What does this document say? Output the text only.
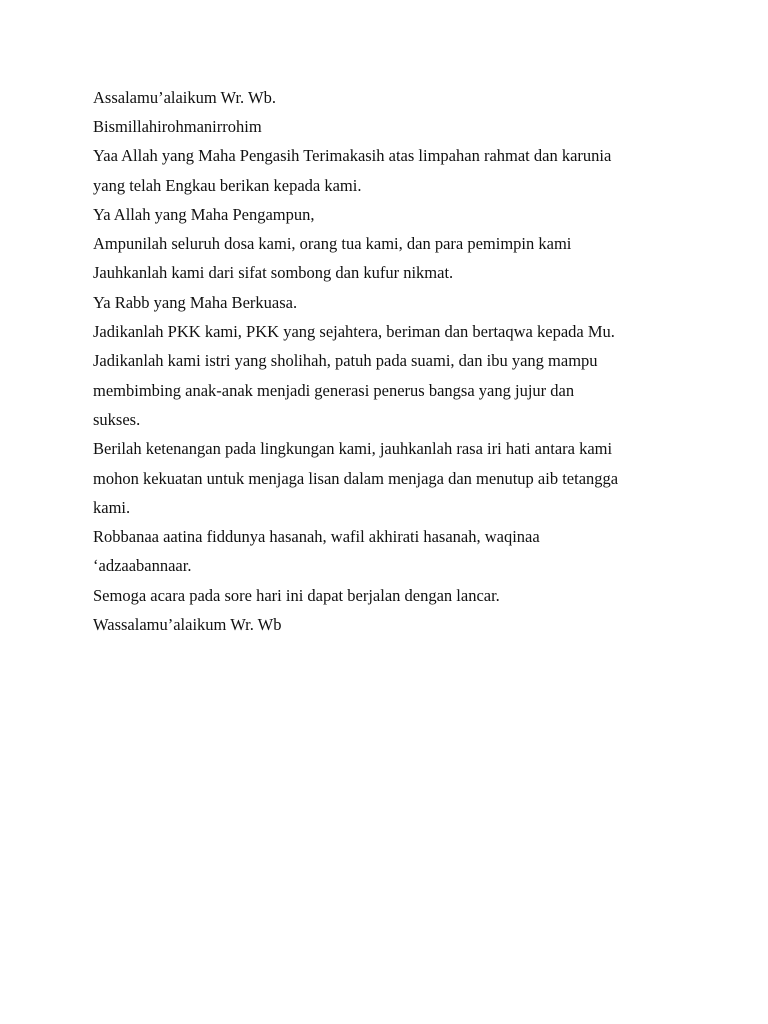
Assalamu’alaikum Wr. Wb.

Bismillahirohmanirrohim

Yaa Allah yang Maha Pengasih Terimakasih atas limpahan rahmat dan karunia

yang telah Engkau berikan kepada kami.

Ya Allah yang Maha Pengampun,

Ampunilah seluruh dosa kami, orang tua kami, dan para pemimpin kami

Jauhkanlah kami dari sifat sombong dan kufur nikmat.

Ya Rabb yang Maha Berkuasa.

Jadikanlah PKK kami, PKK yang sejahtera, beriman dan bertaqwa kepada Mu.

Jadikanlah kami istri yang sholihah, patuh pada suami, dan ibu yang mampu

membimbing anak-anak menjadi generasi penerus bangsa yang jujur dan

sukses.

Berilah ketenangan pada lingkungan kami, jauhkanlah rasa iri hati antara kami

mohon kekuatan untuk menjaga lisan dalam menjaga dan menutup aib tetangga

kami.

Robbanaa aatina fiddunya hasanah, wafil akhirati hasanah, waqinaa

‘adzaabannaar.

Semoga acara pada sore hari ini dapat berjalan dengan lancar.

Wassalamu’alaikum Wr. Wb
